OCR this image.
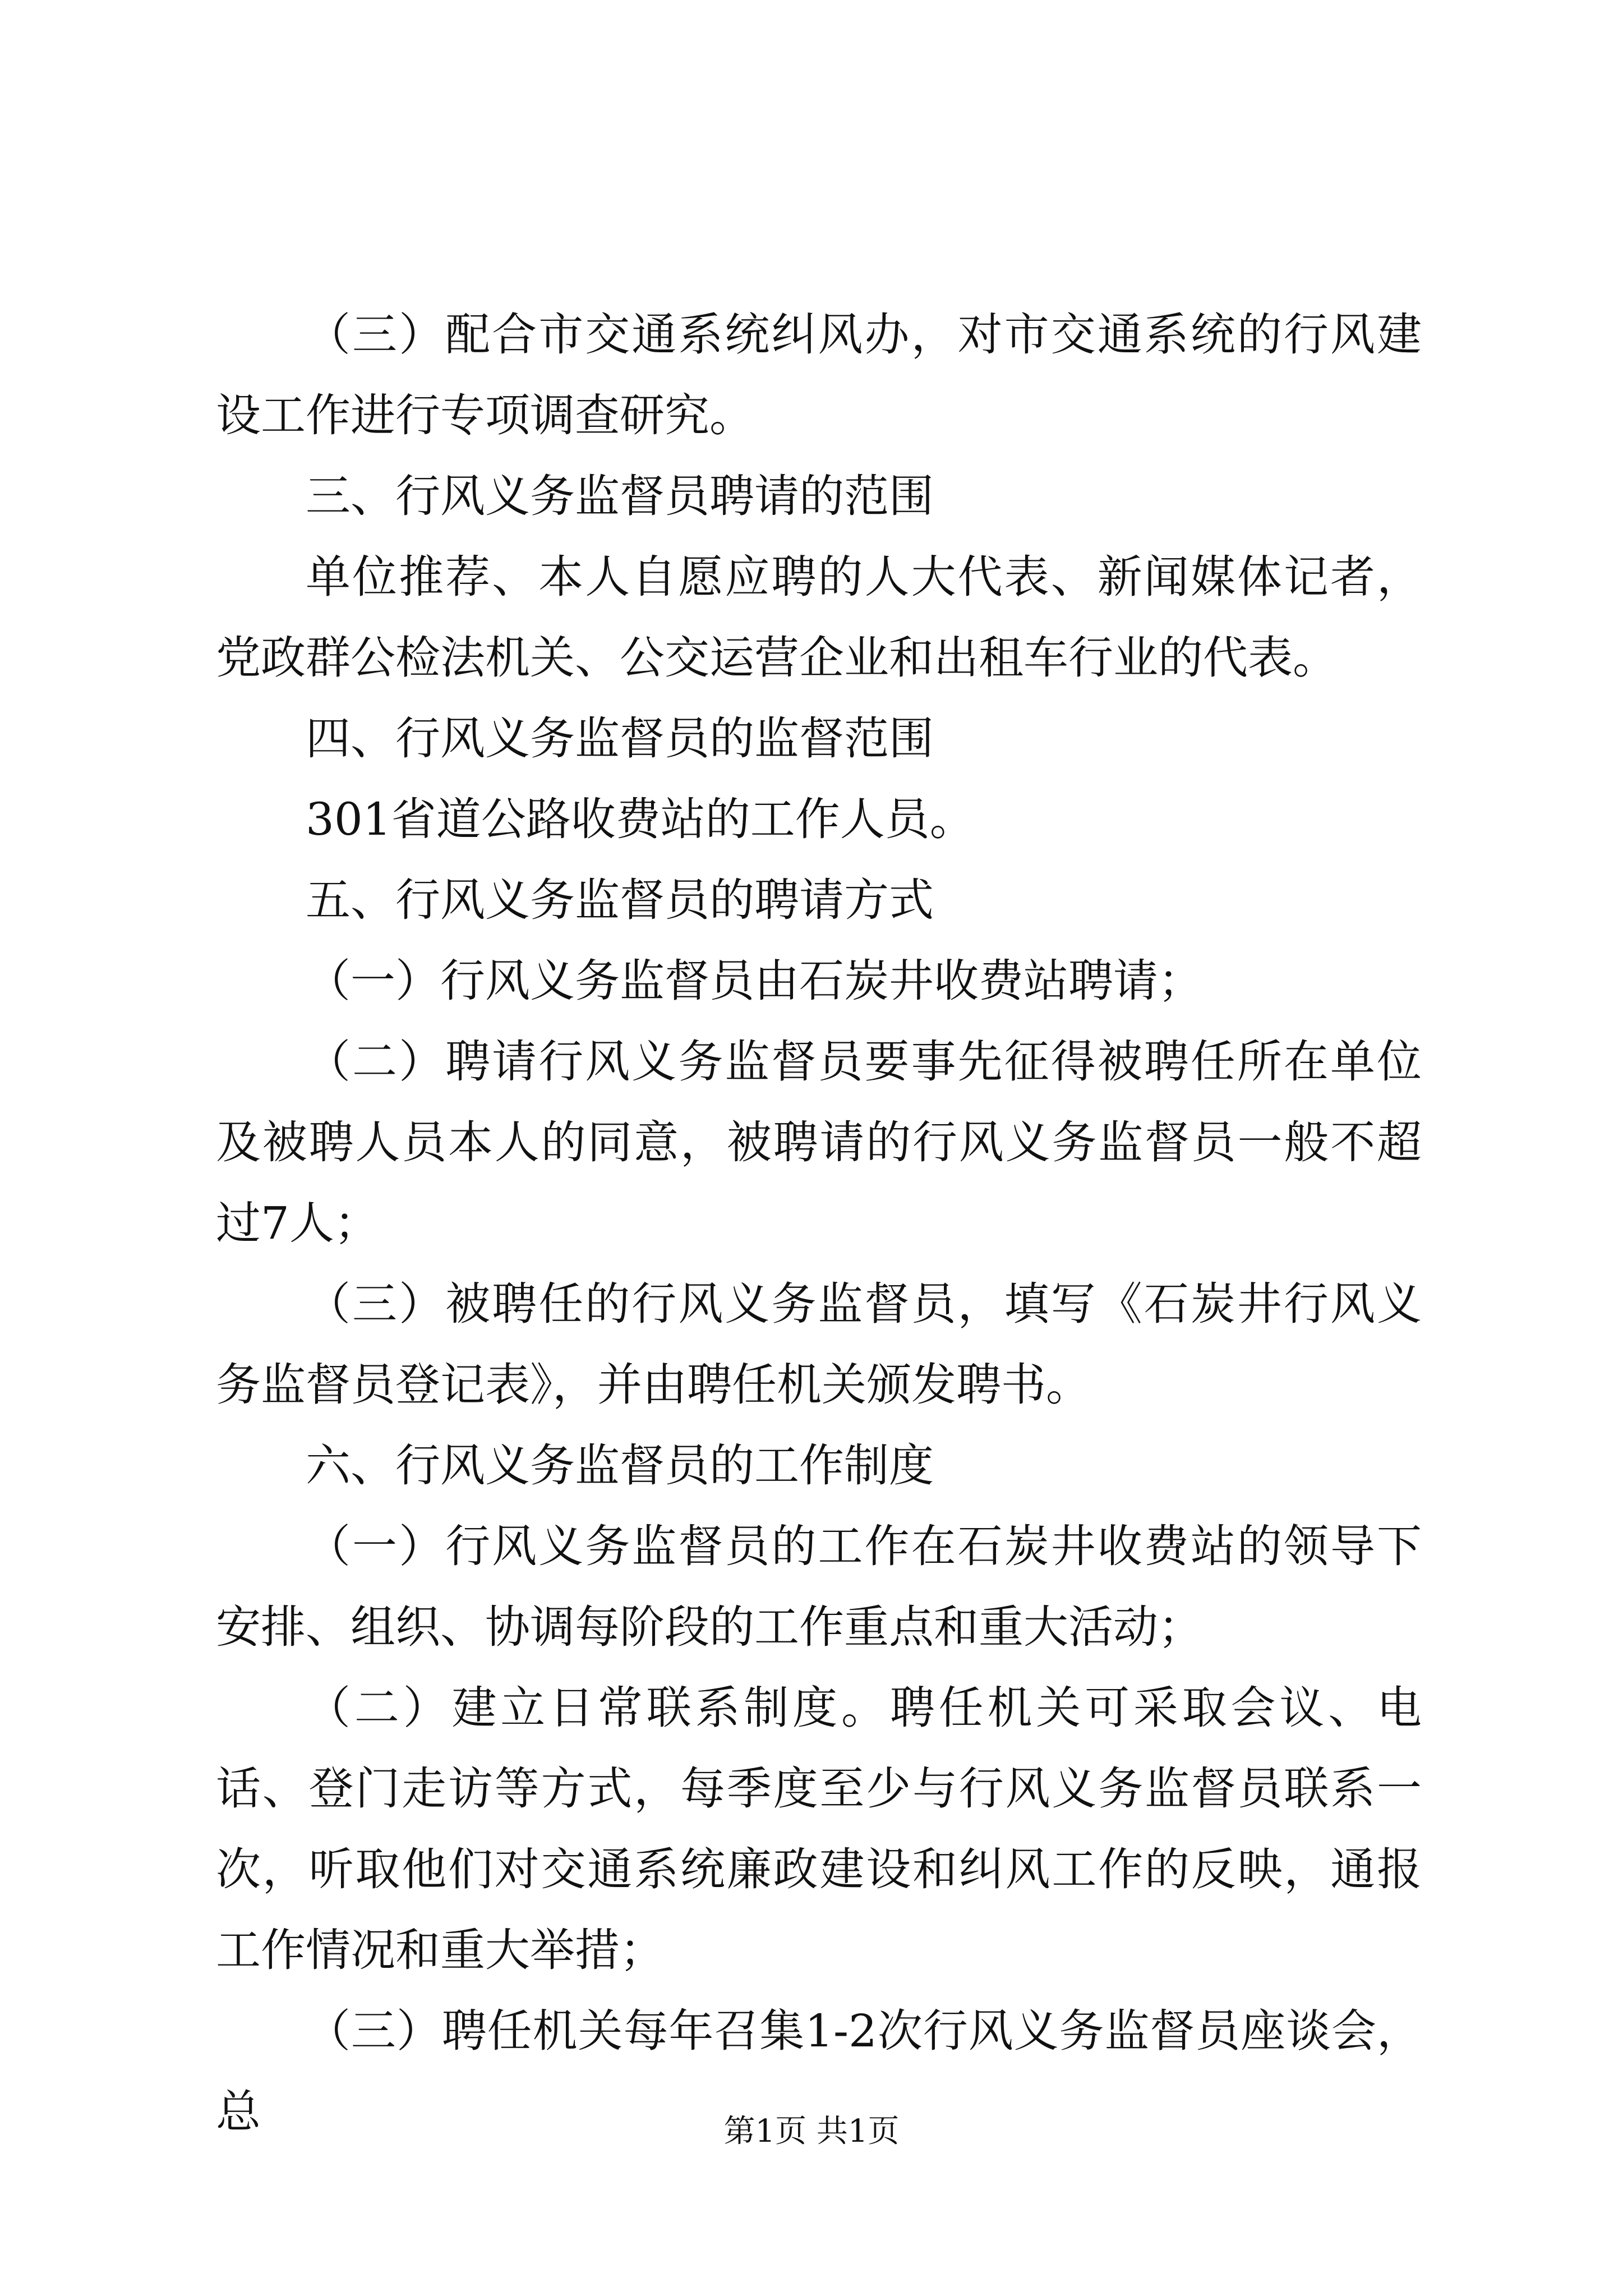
（三）配合市交通系统纠风办，对市交通系统的行风建设工作进行专项调查研究。

三、行风义务监督员聘请的范围

单位推荐、本人自愿应聘的人大代表、新闻媒体记者，党政群公检法机关、公交运营企业和出租车行业的代表。

四、行风义务监督员的监督范围

301省道公路收费站的工作人员。

五、行风义务监督员的聘请方式

（一）行风义务监督员由石炭井收费站聘请；

（二）聘请行风义务监督员要事先征得被聘任所在单位及被聘人员本人的同意，被聘请的行风义务监督员一般不超过7人；

（三）被聘任的行风义务监督员，填写《石炭井行风义务监督员登记表》，并由聘任机关颁发聘书。

六、行风义务监督员的工作制度

（一）行风义务监督员的工作在石炭井收费站的领导下安排、组织、协调每阶段的工作重点和重大活动；

（二）建立日常联系制度。聘任机关可采取会议、电话、登门走访等方式，每季度至少与行风义务监督员联系一次，听取他们对交通系统廉政建设和纠风工作的反映，通报工作情况和重大举措；

（三）聘任机关每年召集1-2次行风义务监督员座谈会，总	第1页 共1页
